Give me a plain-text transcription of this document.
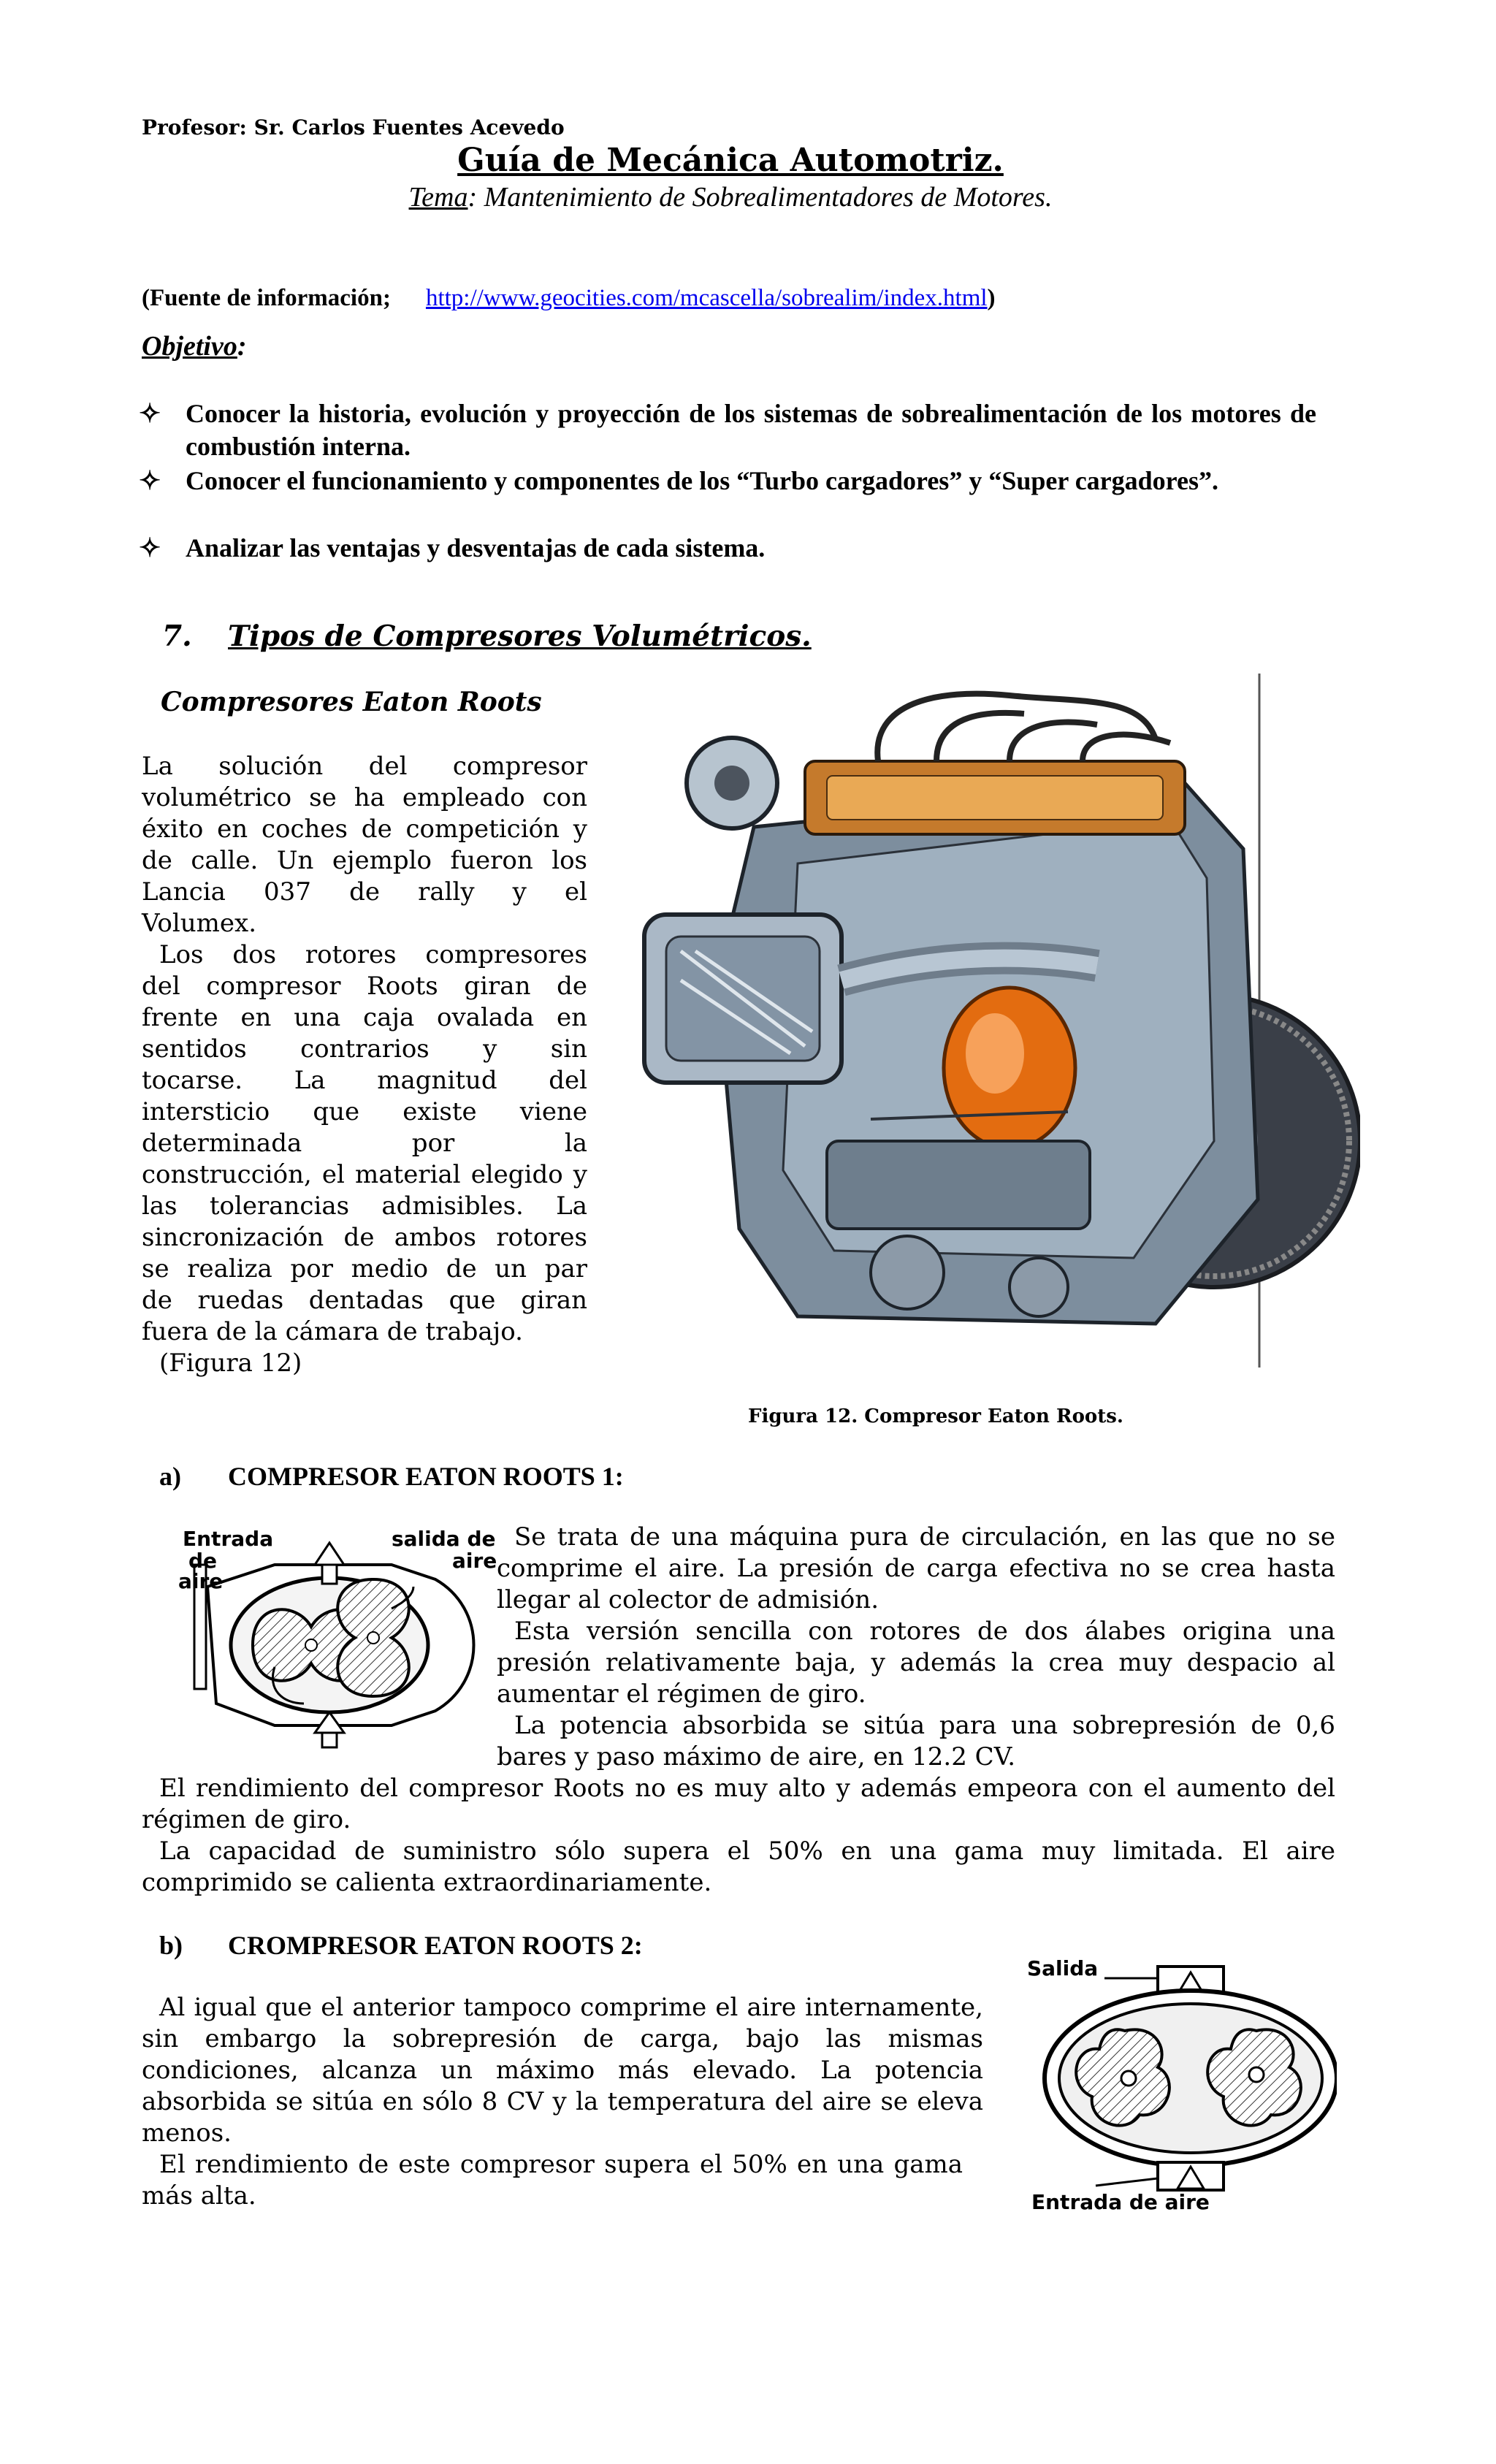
Profesor: Sr. Carlos Fuentes Acevedo
Guía de Mecánica Automotriz.
Tema: Mantenimiento de Sobrealimentadores de Motores.
(Fuente de información; http://www.geocities.com/mcascella/sobrealim/index.html)
Objetivo:
✧ Conocer la historia, evolución y proyección de los sistemas de sobrealimentación de los motores de combustión interna.
✧ Conocer el funcionamiento y componentes de los “Turbo cargadores” y “Super cargadores”.
✧ Analizar las ventajas y desventajas de cada sistema.
7. Tipos de Compresores Volumétricos.
Compresores Eaton Roots
La solución del compresor
volumétrico se ha empleado con
éxito en coches de competición y
de calle. Un ejemplo fueron los
Lancia 037 de rally y el
Volumex.
Los dos rotores compresores
del compresor Roots giran de
frente en una caja ovalada en
sentidos contrarios y sin
tocarse. La magnitud del
intersticio que existe viene
determinada por la
construcción, el material elegido y
las tolerancias admisibles. La
sincronización de ambos rotores
se realiza por medio de un par
de ruedas dentadas que giran
fuera de la cámara de trabajo.
(Figura 12)
Figura 12. Compresor Eaton Roots.
a) COMPRESOR EATON ROOTS 1:
Entrada
de
aire
salida de
aire
Se trata de una máquina pura de circulación, en las que no se comprime el aire. La presión de carga efectiva no se crea hasta llegar al colector de admisión.
Esta versión sencilla con rotores de dos álabes origina una presión relativamente baja, y además la crea muy despacio al aumentar el régimen de giro.
La potencia absorbida se sitúa para una sobrepresión de 0,6 bares y paso máximo de aire, en 12.2 CV.
El rendimiento del compresor Roots no es muy alto y además empeora con el aumento del régimen de giro.
La capacidad de suministro sólo supera el 50% en una gama muy limitada. El aire comprimido se calienta extraordinariamente.
b) CROMPRESOR EATON ROOTS 2:
Al igual que el anterior tampoco comprime el aire internamente, sin embargo la sobrepresión de carga, bajo las mismas condiciones, alcanza un máximo más elevado. La potencia absorbida se sitúa en sólo 8 CV y la temperatura del aire se eleva menos.
El rendimiento de este compresor supera el 50% en una gama más alta.
Salida
Entrada de aire
